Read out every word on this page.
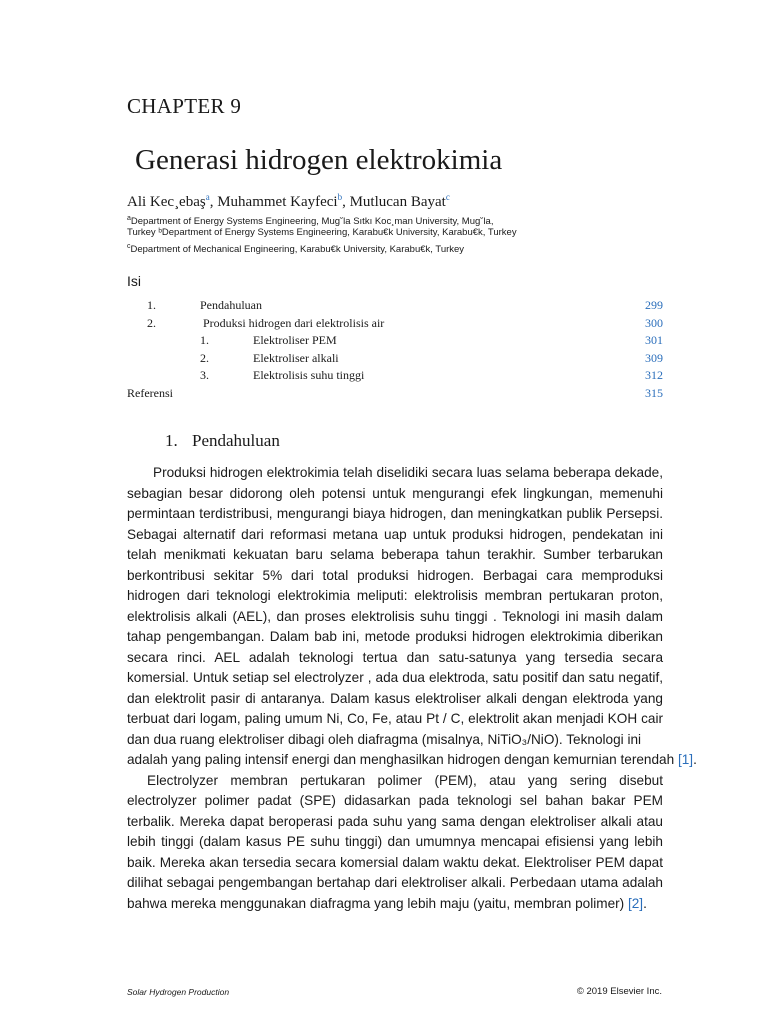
CHAPTER 9
Generasi hidrogen elektrokimia
Ali Kec¸ebaş$^a$, Muhammet Kayfeci$^b$, Mutlucan Bayat$^c$
$^a$Department of Energy Systems Engineering, Mug˘la Sıtkı Koc¸man University, Mug˘la,
Turkey ᵇDepartment of Energy Systems Engineering, Karabu€k University, Karabu€k, Turkey
$^c$Department of Mechanical Engineering, Karabu€k University, Karabu€k, Turkey
Isi
1.	Pendahuluan	299
2.	Produksi hidrogen dari elektrolisis air	300
1.	Elektroliser PEM	301
2.	Elektroliser alkali	309
3.	Elektrolisis suhu tinggi	312
Referensi	315
1. Pendahuluan

Produksi hidrogen elektrokimia telah diselidiki secara luas selama beberapa dekade, sebagian besar didorong oleh potensi untuk mengurangi efek lingkungan, memenuhi permintaan terdistribusi, mengurangi biaya hidrogen, dan meningkatkan publik Persepsi. Sebagai alternatif dari reformasi metana uap untuk produksi hidrogen, pendekatan ini telah menikmati kekuatan baru selama beberapa tahun terakhir. Sumber terbarukan berkontribusi sekitar 5% dari total produksi hidrogen. Berbagai cara memproduksi hidrogen dari teknologi elektrokimia meliputi: elektrolisis membran pertukaran proton, elektrolisis alkali (AEL), dan proses elektrolisis suhu tinggi . Teknologi ini masih dalam tahap pengembangan. Dalam bab ini, metode produksi hidrogen elektrokimia diberikan secara rinci. AEL adalah teknologi tertua dan satu-satunya yang tersedia secara komersial. Untuk setiap sel electrolyzer , ada dua elektroda, satu positif dan satu negatif, dan elektrolit pasir di antaranya. Dalam kasus elektroliser alkali dengan elektroda yang terbuat dari logam, paling umum Ni, Co, Fe, atau Pt / C, elektrolit akan menjadi KOH cair dan dua ruang elektroliser dibagi oleh diafragma (misalnya, NiTiO₃/NiO). Teknologi ini

adalah yang paling intensif energi dan menghasilkan hidrogen dengan kemurnian terendah [1].

Electrolyzer membran pertukaran polimer (PEM), atau yang sering disebut electrolyzer polimer padat (SPE) didasarkan pada teknologi sel bahan bakar PEM terbalik. Mereka dapat beroperasi pada suhu yang sama dengan elektroliser alkali atau lebih tinggi (dalam kasus PE suhu tinggi) dan umumnya mencapai efisiensi yang lebih baik. Mereka akan tersedia secara komersial dalam waktu dekat. Elektroliser PEM dapat dilihat sebagai pengembangan bertahap dari elektroliser alkali. Perbedaan utama adalah bahwa mereka menggunakan diafragma yang lebih maju (yaitu, membran polimer) [2].

Solar Hydrogen Production	© 2019 Elsevier Inc.
